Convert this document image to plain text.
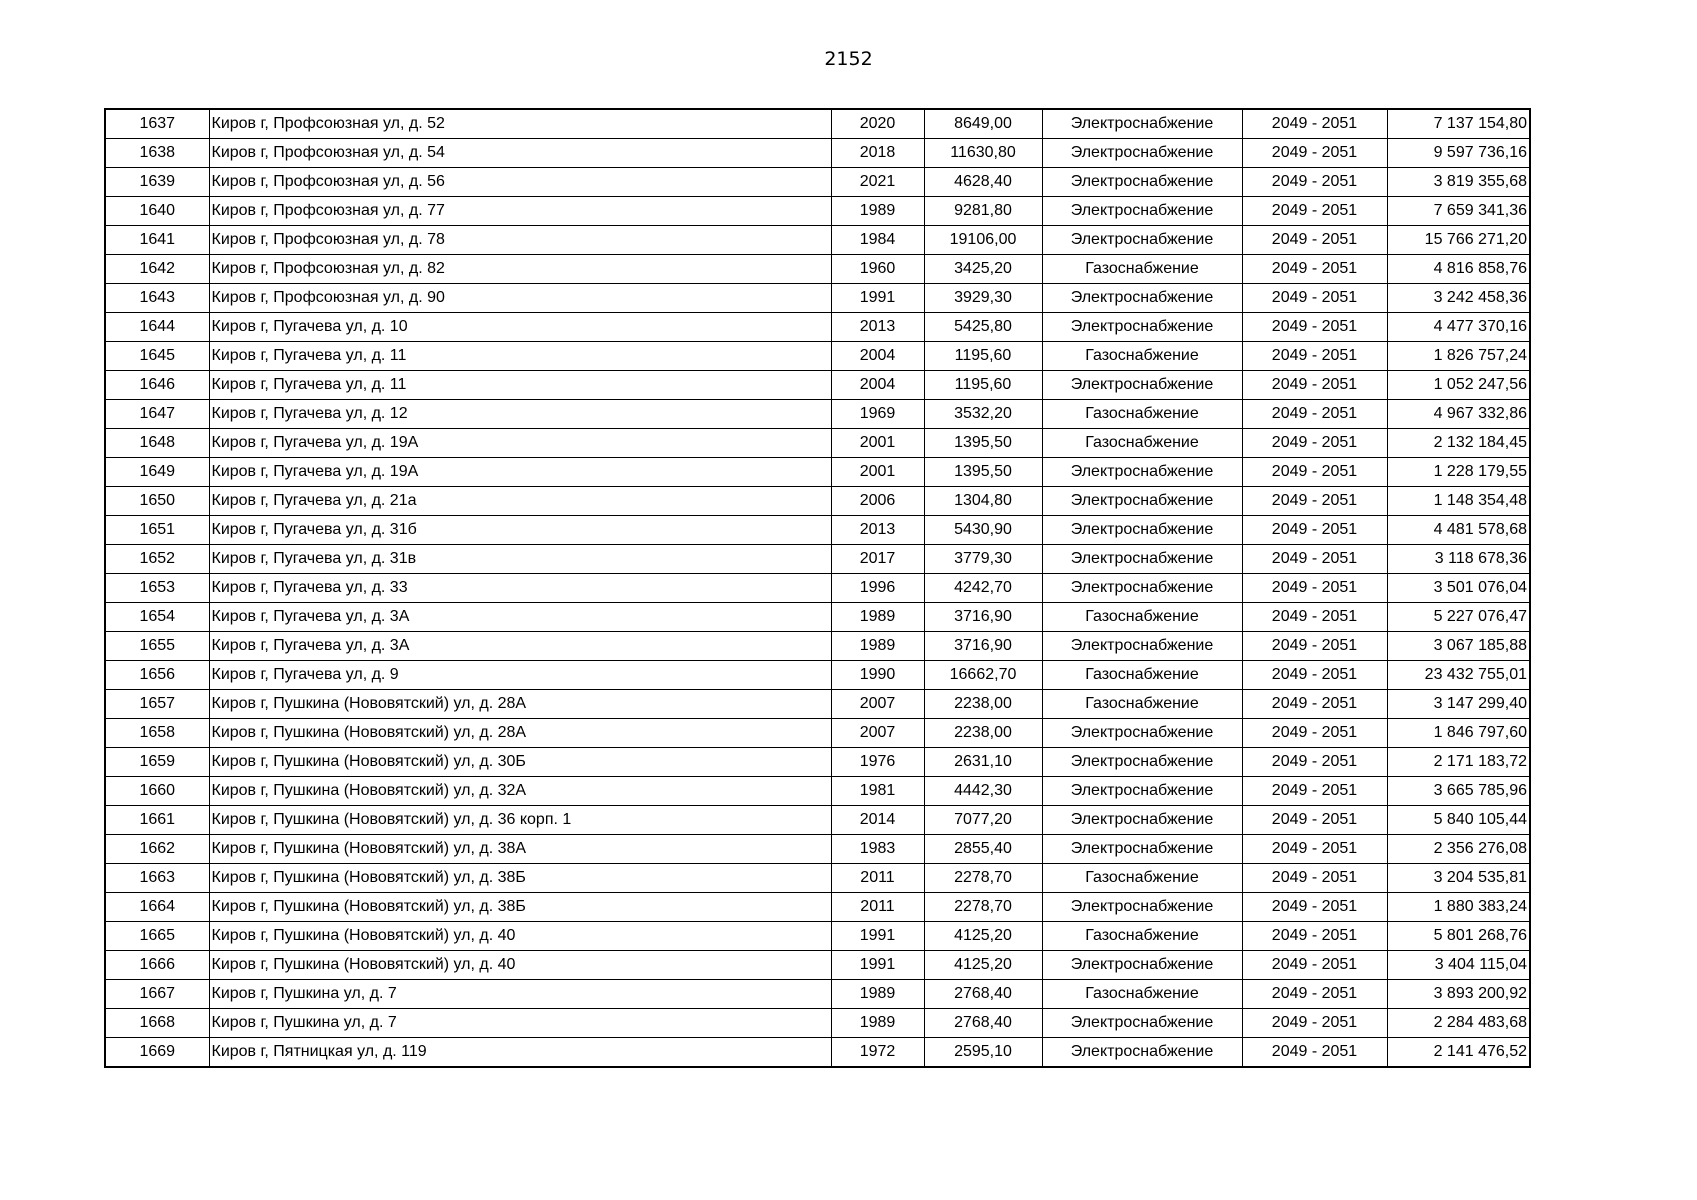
2152
1637	Киров г, Профсоюзная ул, д. 52	2020	8649,00	Электроснабжение	2049 - 2051	7 137 154,80
1638	Киров г, Профсоюзная ул, д. 54	2018	11630,80	Электроснабжение	2049 - 2051	9 597 736,16
1639	Киров г, Профсоюзная ул, д. 56	2021	4628,40	Электроснабжение	2049 - 2051	3 819 355,68
1640	Киров г, Профсоюзная ул, д. 77	1989	9281,80	Электроснабжение	2049 - 2051	7 659 341,36
1641	Киров г, Профсоюзная ул, д. 78	1984	19106,00	Электроснабжение	2049 - 2051	15 766 271,20
1642	Киров г, Профсоюзная ул, д. 82	1960	3425,20	Газоснабжение	2049 - 2051	4 816 858,76
1643	Киров г, Профсоюзная ул, д. 90	1991	3929,30	Электроснабжение	2049 - 2051	3 242 458,36
1644	Киров г, Пугачева ул, д. 10	2013	5425,80	Электроснабжение	2049 - 2051	4 477 370,16
1645	Киров г, Пугачева ул, д. 11	2004	1195,60	Газоснабжение	2049 - 2051	1 826 757,24
1646	Киров г, Пугачева ул, д. 11	2004	1195,60	Электроснабжение	2049 - 2051	1 052 247,56
1647	Киров г, Пугачева ул, д. 12	1969	3532,20	Газоснабжение	2049 - 2051	4 967 332,86
1648	Киров г, Пугачева ул, д. 19А	2001	1395,50	Газоснабжение	2049 - 2051	2 132 184,45
1649	Киров г, Пугачева ул, д. 19А	2001	1395,50	Электроснабжение	2049 - 2051	1 228 179,55
1650	Киров г, Пугачева ул, д. 21а	2006	1304,80	Электроснабжение	2049 - 2051	1 148 354,48
1651	Киров г, Пугачева ул, д. 31б	2013	5430,90	Электроснабжение	2049 - 2051	4 481 578,68
1652	Киров г, Пугачева ул, д. 31в	2017	3779,30	Электроснабжение	2049 - 2051	3 118 678,36
1653	Киров г, Пугачева ул, д. 33	1996	4242,70	Электроснабжение	2049 - 2051	3 501 076,04
1654	Киров г, Пугачева ул, д. 3А	1989	3716,90	Газоснабжение	2049 - 2051	5 227 076,47
1655	Киров г, Пугачева ул, д. 3А	1989	3716,90	Электроснабжение	2049 - 2051	3 067 185,88
1656	Киров г, Пугачева ул, д. 9	1990	16662,70	Газоснабжение	2049 - 2051	23 432 755,01
1657	Киров г, Пушкина (Нововятский) ул, д. 28А	2007	2238,00	Газоснабжение	2049 - 2051	3 147 299,40
1658	Киров г, Пушкина (Нововятский) ул, д. 28А	2007	2238,00	Электроснабжение	2049 - 2051	1 846 797,60
1659	Киров г, Пушкина (Нововятский) ул, д. 30Б	1976	2631,10	Электроснабжение	2049 - 2051	2 171 183,72
1660	Киров г, Пушкина (Нововятский) ул, д. 32А	1981	4442,30	Электроснабжение	2049 - 2051	3 665 785,96
1661	Киров г, Пушкина (Нововятский) ул, д. 36 корп. 1	2014	7077,20	Электроснабжение	2049 - 2051	5 840 105,44
1662	Киров г, Пушкина (Нововятский) ул, д. 38А	1983	2855,40	Электроснабжение	2049 - 2051	2 356 276,08
1663	Киров г, Пушкина (Нововятский) ул, д. 38Б	2011	2278,70	Газоснабжение	2049 - 2051	3 204 535,81
1664	Киров г, Пушкина (Нововятский) ул, д. 38Б	2011	2278,70	Электроснабжение	2049 - 2051	1 880 383,24
1665	Киров г, Пушкина (Нововятский) ул, д. 40	1991	4125,20	Газоснабжение	2049 - 2051	5 801 268,76
1666	Киров г, Пушкина (Нововятский) ул, д. 40	1991	4125,20	Электроснабжение	2049 - 2051	3 404 115,04
1667	Киров г, Пушкина ул, д. 7	1989	2768,40	Газоснабжение	2049 - 2051	3 893 200,92
1668	Киров г, Пушкина ул, д. 7	1989	2768,40	Электроснабжение	2049 - 2051	2 284 483,68
1669	Киров г, Пятницкая ул, д. 119	1972	2595,10	Электроснабжение	2049 - 2051	2 141 476,52
